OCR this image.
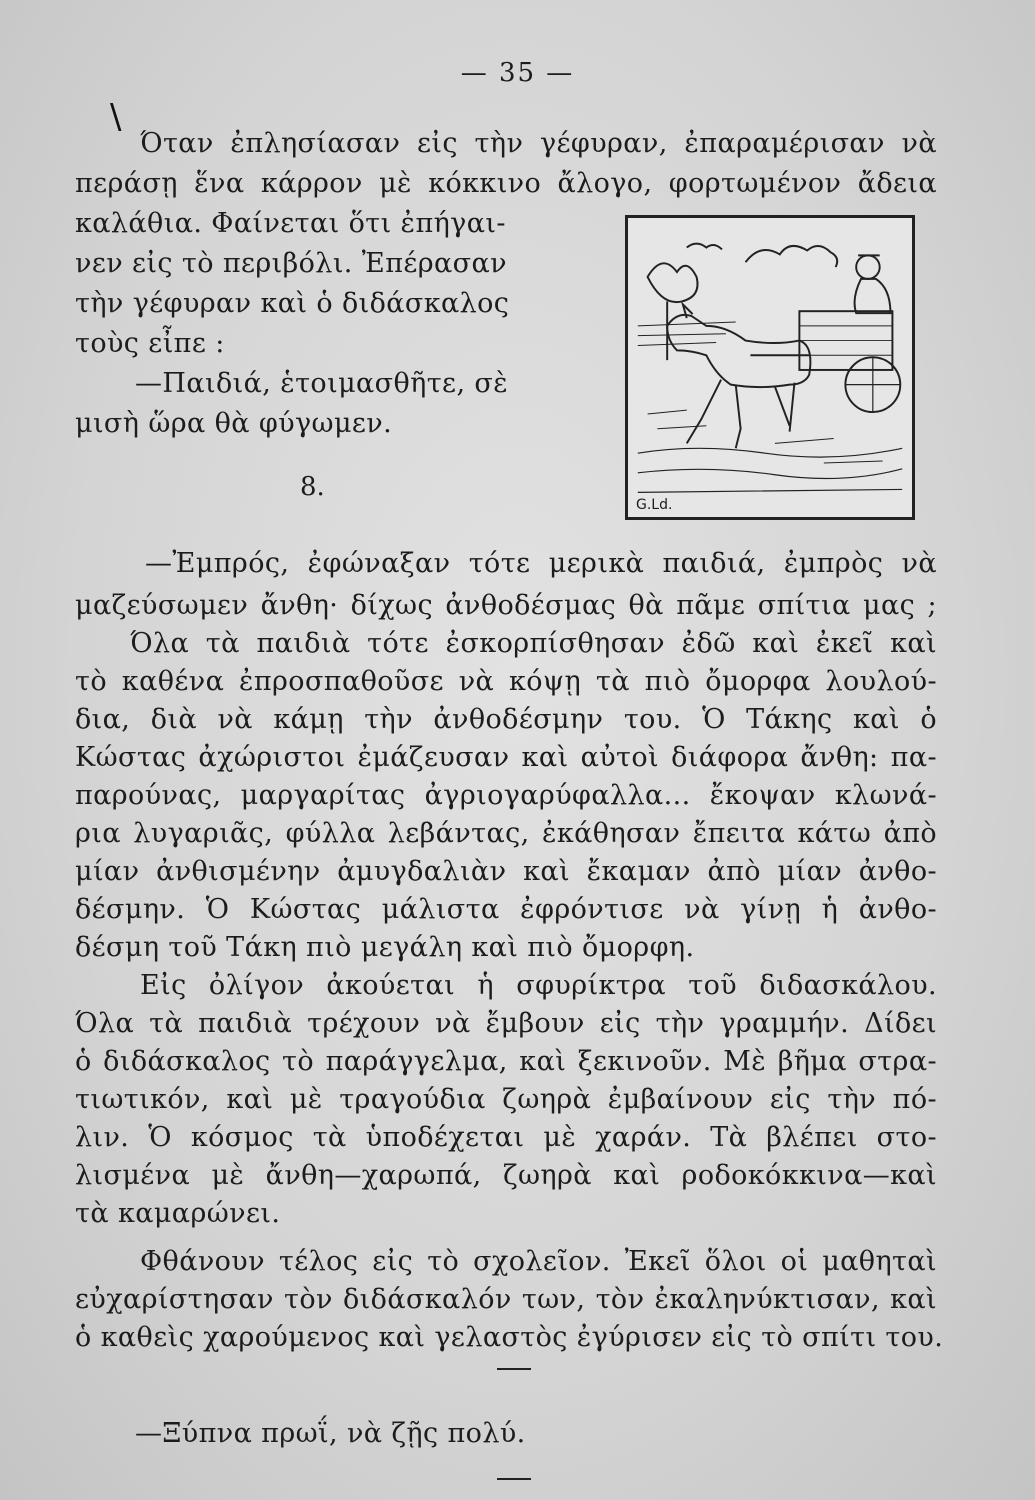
— 35 —
\
Όταν ἐπλησίασαν εἰς τὴν γέφυραν, ἐπαραμέρισαν νὰ
περάσῃ ἕνα κάρρον μὲ κόκκινο ἄλογο, φορτωμένον ἄδεια
καλάθια. Φαίνεται ὅτι ἐπήγαι-
νεν εἰς τὸ περιβόλι. Ἐπέρασαν
τὴν γέφυραν καὶ ὁ διδάσκαλος
τοὺς εἶπε :
—Παιδιά, ἑτοιμασθῆτε, σὲ
μισὴ ὥρα θὰ φύγωμεν.
8.
G.Ld.
—Ἐμπρός, ἐφώναξαν τότε μερικὰ παιδιά, ἐμπρὸς νὰ
μαζεύσωμεν ἄνθη· δίχως ἀνθοδέσμας θὰ πᾶμε σπίτια μας ;
Όλα τὰ παιδιὰ τότε ἐσκορπίσθησαν ἐδῶ καὶ ἐκεῖ καὶ
τὸ καθένα ἐπροσπαθοῦσε νὰ κόψῃ τὰ πιὸ ὄμορφα λουλού-
δια, διὰ νὰ κάμῃ τὴν ἀνθοδέσμην του. Ὁ Τάκης καὶ ὁ
Κώστας ἀχώριστοι ἐμάζευσαν καὶ αὐτοὶ διάφορα ἄνθη: πα-
παρούνας, μαργαρίτας ἀγριογαρύφαλλα... ἔκοψαν κλωνά-
ρια λυγαριᾶς, φύλλα λεβάντας, ἐκάθησαν ἔπειτα κάτω ἀπὸ
μίαν ἀνθισμένην ἀμυγδαλιὰν καὶ ἔκαμαν ἀπὸ μίαν ἀνθο-
δέσμην. Ὁ Κώστας μάλιστα ἐφρόντισε νὰ γίνῃ ἡ ἀνθο-
δέσμη τοῦ Τάκη πιὸ μεγάλη καὶ πιὸ ὄμορφη.
Εἰς ὀλίγον ἀκούεται ἡ σφυρίκτρα τοῦ διδασκάλου.
Όλα τὰ παιδιὰ τρέχουν νὰ ἔμβουν εἰς τὴν γραμμήν. Δίδει
ὁ διδάσκαλος τὸ παράγγελμα, καὶ ξεκινοῦν. Μὲ βῆμα στρα-
τιωτικόν, καὶ μὲ τραγούδια ζωηρὰ ἐμβαίνουν εἰς τὴν πό-
λιν. Ὁ κόσμος τὰ ὑποδέχεται μὲ χαράν. Τὰ βλέπει στο-
λισμένα μὲ ἄνθη—χαρωπά, ζωηρὰ καὶ ροδοκόκκινα—καὶ
τὰ καμαρώνει.
Φθάνουν τέλος εἰς τὸ σχολεῖον. Ἐκεῖ ὅλοι οἱ μαθηταὶ
εὐχαρίστησαν τὸν διδάσκαλόν των, τὸν ἐκαληνύκτισαν, καὶ
ὁ καθεὶς χαρούμενος καὶ γελαστὸς ἐγύρισεν εἰς τὸ σπίτι του.
—Ξύπνα πρωΐ, νὰ ζῇς πολύ.
